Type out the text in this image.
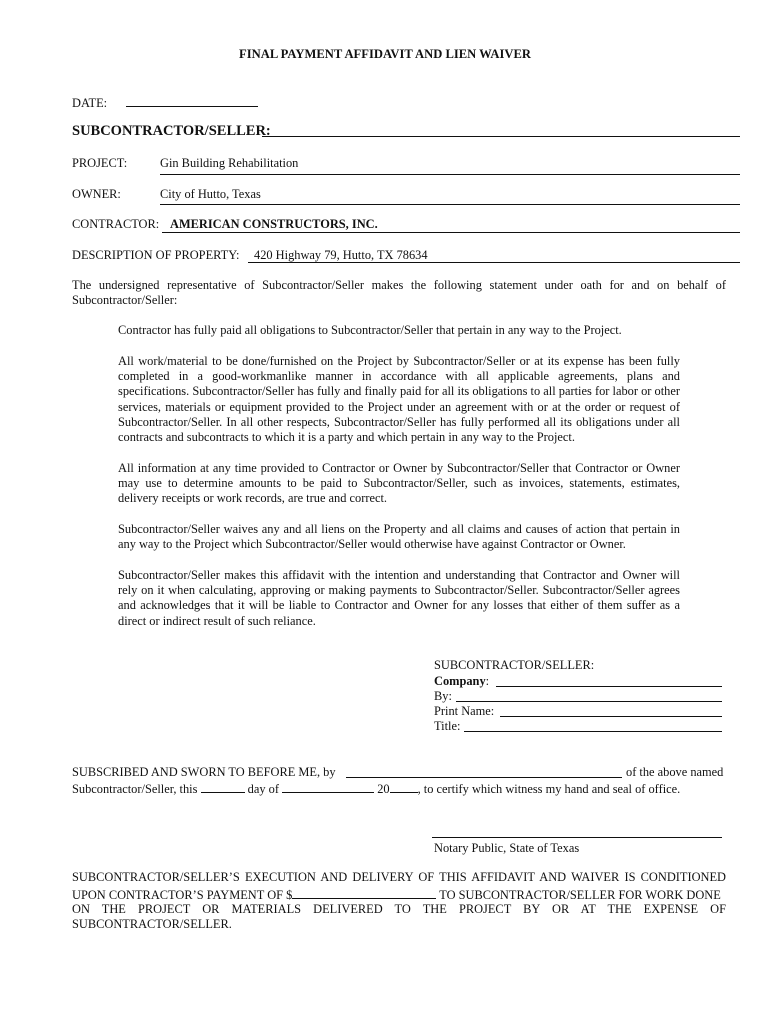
FINAL PAYMENT AFFIDAVIT AND LIEN WAIVER
DATE:
SUBCONTRACTOR/SELLER:
PROJECT:	Gin Building Rehabilitation
OWNER:	City of Hutto, Texas
CONTRACTOR: AMERICAN CONSTRUCTORS, INC.
DESCRIPTION OF PROPERTY: 420 Highway 79, Hutto, TX 78634
The undersigned representative of Subcontractor/Seller makes the following statement under oath for and on behalf of Subcontractor/Seller:
Contractor has fully paid all obligations to Subcontractor/Seller that pertain in any way to the Project.
All work/material to be done/furnished on the Project by Subcontractor/Seller or at its expense has been fully completed in a good-workmanlike manner in accordance with all applicable agreements, plans and specifications. Subcontractor/Seller has fully and finally paid for all its obligations to all parties for labor or other services, materials or equipment provided to the Project under an agreement with or at the order or request of Subcontractor/Seller. In all other respects, Subcontractor/Seller has fully performed all its obligations under all contracts and subcontracts to which it is a party and which pertain in any way to the Project.
All information at any time provided to Contractor or Owner by Subcontractor/Seller that Contractor or Owner may use to determine amounts to be paid to Subcontractor/Seller, such as invoices, statements, estimates, delivery receipts or work records, are true and correct.
Subcontractor/Seller waives any and all liens on the Property and all claims and causes of action that pertain in any way to the Project which Subcontractor/Seller would otherwise have against Contractor or Owner.
Subcontractor/Seller makes this affidavit with the intention and understanding that Contractor and Owner will rely on it when calculating, approving or making payments to Subcontractor/Seller. Subcontractor/Seller agrees and acknowledges that it will be liable to Contractor and Owner for any losses that either of them suffer as a direct or indirect result of such reliance.
SUBCONTRACTOR/SELLER:
Company:
By:
Print Name:
Title:
SUBSCRIBED AND SWORN TO BEFORE ME, by	of the above named
Subcontractor/Seller, this	day of	20 , to certify which witness my hand and seal of office.
Notary Public, State of Texas
SUBCONTRACTOR/SELLER’S EXECUTION AND DELIVERY OF THIS AFFIDAVIT AND WAIVER IS CONDITIONED
UPON CONTRACTOR’S PAYMENT OF $	TO SUBCONTRACTOR/SELLER FOR WORK DONE
ON THE PROJECT OR MATERIALS DELIVERED TO THE PROJECT BY OR AT THE EXPENSE OF
SUBCONTRACTOR/SELLER.
